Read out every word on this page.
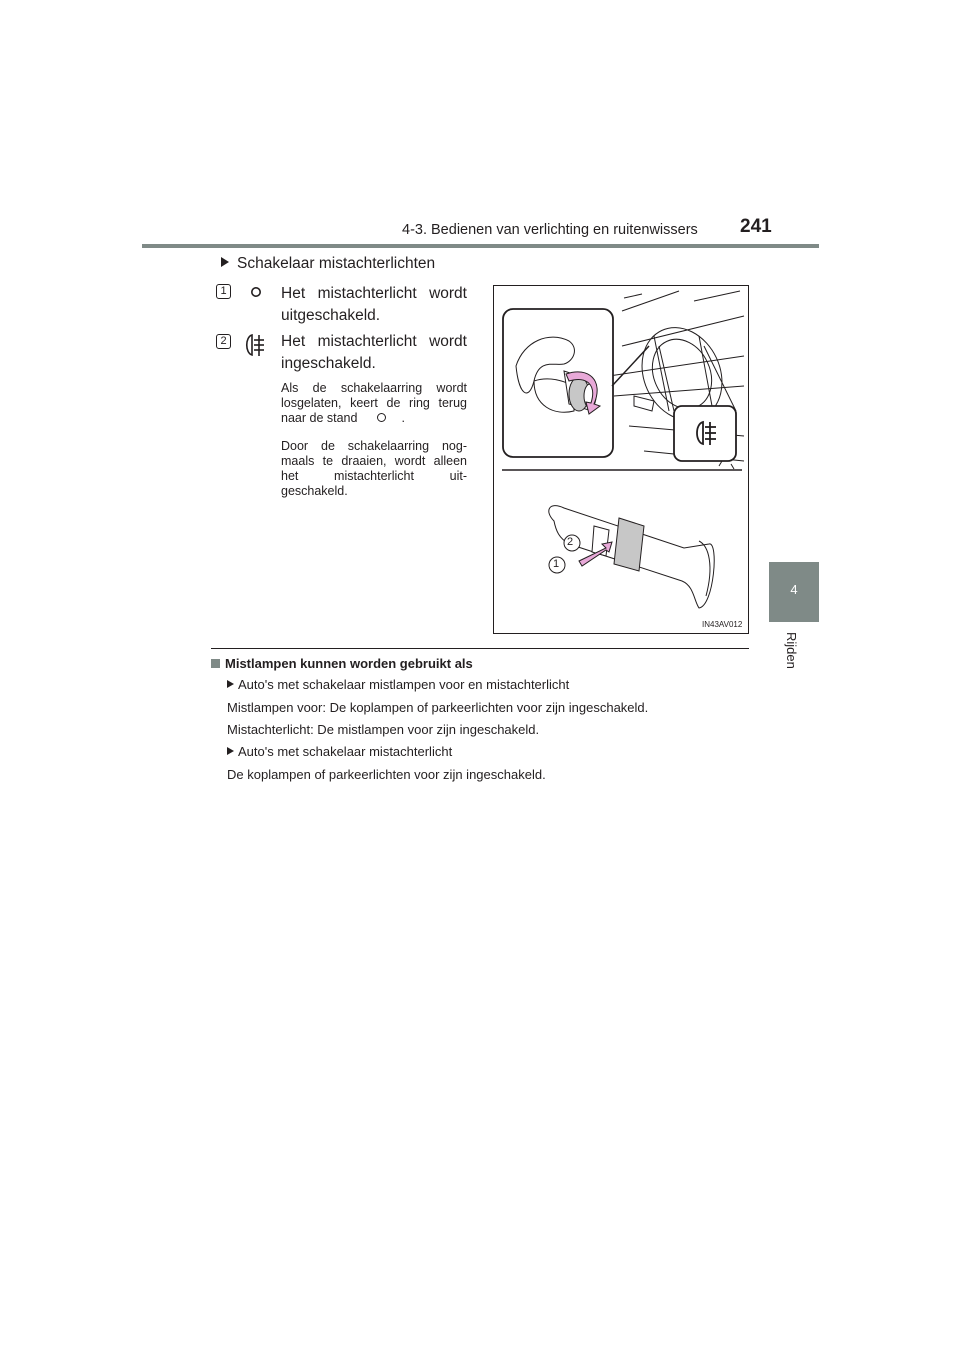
4-3. Bedienen van verlichting en ruitenwissers 241
4
Rijden
Schakelaar mistachterlichten
1	Het mistachterlicht wordt uitgeschakeld.
2	Het mistachterlicht wordt ingeschakeld.
Als de schakelaarring wordt losgelaten, keert de ring terug naar de stand	.
Door de schakelaarring nog-maals te draaien, wordt alleen het mistachterlicht uit-geschakeld.
2
1
IN43AV012
Mistlampen kunnen worden gebruikt als
Auto's met schakelaar mistlampen voor en mistachterlicht
Mistlampen voor: De koplampen of parkeerlichten voor zijn ingeschakeld.
Mistachterlicht: De mistlampen voor zijn ingeschakeld.
Auto's met schakelaar mistachterlicht
De koplampen of parkeerlichten voor zijn ingeschakeld.
